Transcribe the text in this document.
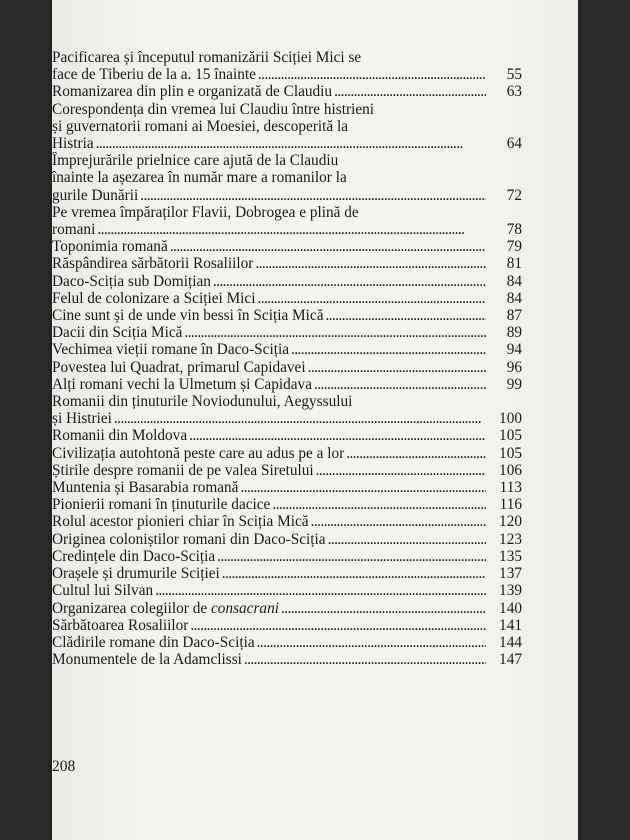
Pacificarea și începutul romanizării Sciției Mici se
face de Tiberiu de la a. 15 înainte . . .	55
Romanizarea din plin e organizată de Claudiu . . .	63
Corespondența din vremea lui Claudiu între histrieni
și guvernatorii romani ai Moesiei, descoperită la
Histria . . .	64
Împrejurările prielnice care ajută de la Claudiu
înainte la așezarea în număr mare a romanilor la
gurile Dunării . . .	72
Pe vremea împăraților Flavii, Dobrogea e plină de
romani . . .	78
Toponimia romană . . .	79
Răspândirea sărbătorii Rosaliilor . . .	81
Daco-Sciția sub Domițian . . .	84
Felul de colonizare a Sciției Mici . . .	84
Cine sunt și de unde vin bessi în Sciția Mică . . .	87
Dacii din Sciția Mică . . .	89
Vechimea vieții romane în Daco-Sciția . . .	94
Povestea lui Quadrat, primarul Capidavei . . .	96
Alți romani vechi la Ulmetum și Capidava . . .	99
Romanii din ținuturile Noviodunului, Aegyssului
și Histriei . . .	100
Romanii din Moldova . . .	105
Civilizația autohtonă peste care au adus pe a lor . . .	105
Știrile despre romanii de pe valea Siretului . . .	106
Muntenia și Basarabia romană . . .	113
Pionierii romani în ținuturile dacice . . .	116
Rolul acestor pionieri chiar în Sciția Mică . . .	120
Originea coloniștilor romani din Daco-Sciția . . .	123
Credințele din Daco-Sciția . . .	135
Orașele și drumurile Sciției . . .	137
Cultul lui Silvan . . .	139
Organizarea colegiilor de consacrani . . .	140
Sărbătoarea Rosaliilor . . .	141
Clădirile romane din Daco-Sciția . . .	144
Monumentele de la Adamclissi . . .	147
208
